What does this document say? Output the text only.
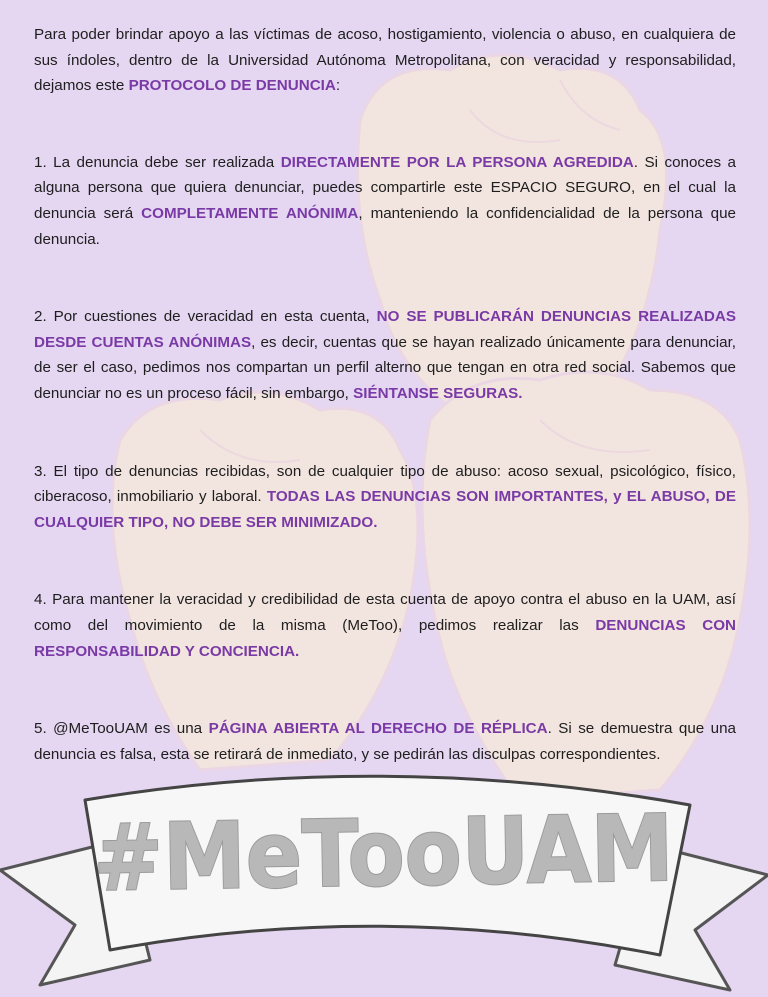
Para poder brindar apoyo a las víctimas de acoso, hostigamiento, violencia o abuso, en cualquiera de sus índoles, dentro de la Universidad Autónoma Metropolitana, con veracidad y responsabilidad, dejamos este PROTOCOLO DE DENUNCIA:

1. La denuncia debe ser realizada DIRECTAMENTE POR LA PERSONA AGREDIDA. Si conoces a alguna persona que quiera denunciar, puedes compartirle este ESPACIO SEGURO, en el cual la denuncia será COMPLETAMENTE ANÓNIMA, manteniendo la confidencialidad de la persona que denuncia.

2. Por cuestiones de veracidad en esta cuenta, NO SE PUBLICARÁN DENUNCIAS REALIZADAS DESDE CUENTAS ANÓNIMAS, es decir, cuentas que se hayan realizado únicamente para denunciar, de ser el caso, pedimos nos compartan un perfil alterno que tengan en otra red social. Sabemos que denunciar no es un proceso fácil, sin embargo, SIÉNTANSE SEGURAS.

3. El tipo de denuncias recibidas, son de cualquier tipo de abuso: acoso sexual, psicológico, físico, ciberacoso, inmobiliario y laboral. TODAS LAS DENUNCIAS SON IMPORTANTES, y EL ABUSO, DE CUALQUIER TIPO, NO DEBE SER MINIMIZADO.

4. Para mantener la veracidad y credibilidad de esta cuenta de apoyo contra el abuso en la UAM, así como del movimiento de la misma (MeToo), pedimos realizar las DENUNCIAS CON RESPONSABILIDAD Y CONCIENCIA.

5. @MeTooUAM es una PÁGINA ABIERTA AL DERECHO DE RÉPLICA. Si se demuestra que una denuncia es falsa, esta se retirará de inmediato, y se pedirán las disculpas correspondientes.

#MeTooUAM
